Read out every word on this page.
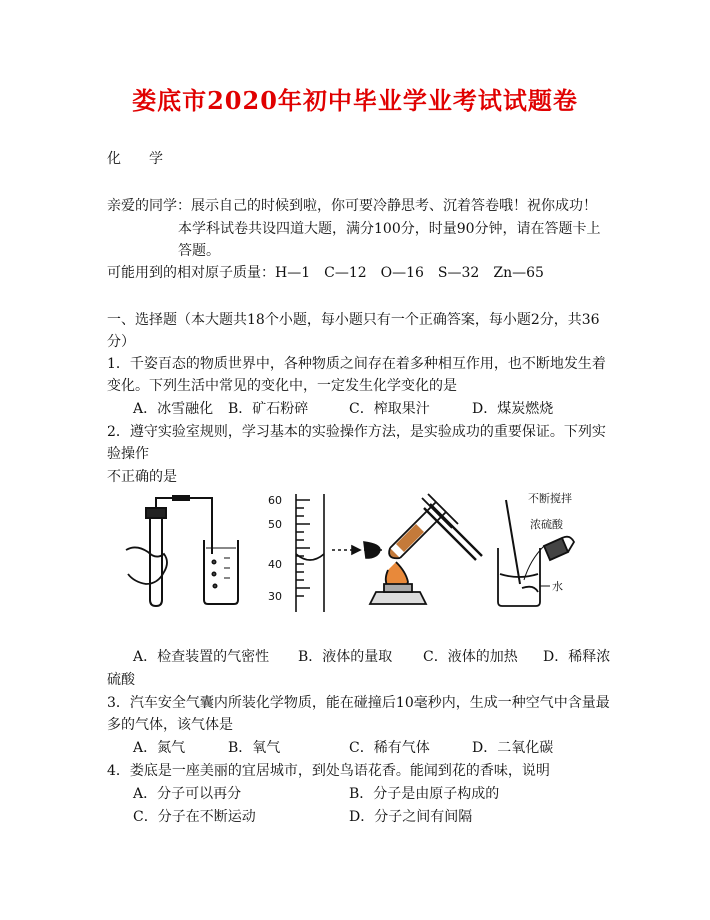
娄底市2020年初中毕业学业考试试题卷
化　　学
亲爱的同学：展示自己的时候到啦，你可要冷静思考、沉着答卷哦！祝你成功！
本学科试卷共设四道大题，满分100分，时量90分钟，请在答题卡上
答题。
可能用到的相对原子质量：H—1　C—12　O—16　S—32　Zn—65
一、选择题（本大题共18个小题，每小题只有一个正确答案，每小题2分，共36
分）
1．千姿百态的物质世界中，各种物质之间存在着多种相互作用，也不断地发生着
变化。下列生活中常见的变化中，一定发生化学变化的是
A．冰雪融化 B．矿石粉碎	C．榨取果汁	D．煤炭燃烧
2．遵守实验室规则，学习基本的实验操作方法，是实验成功的重要保证。下列实
验操作
不正确的是
60
50
40
30
不断搅拌
浓硫酸
水
A．检查装置的气密性 B．液体的量取 C．液体的加热 D．稀释浓
硫酸
3．汽车安全气囊内所装化学物质，能在碰撞后10毫秒内，生成一种空气中含量最
多的气体，该气体是
A．氮气	B．氧气	C．稀有气体	D．二氧化碳
4．娄底是一座美丽的宜居城市，到处鸟语花香。能闻到花的香味，说明
A．分子可以再分	B．分子是由原子构成的
C．分子在不断运动	D．分子之间有间隔
